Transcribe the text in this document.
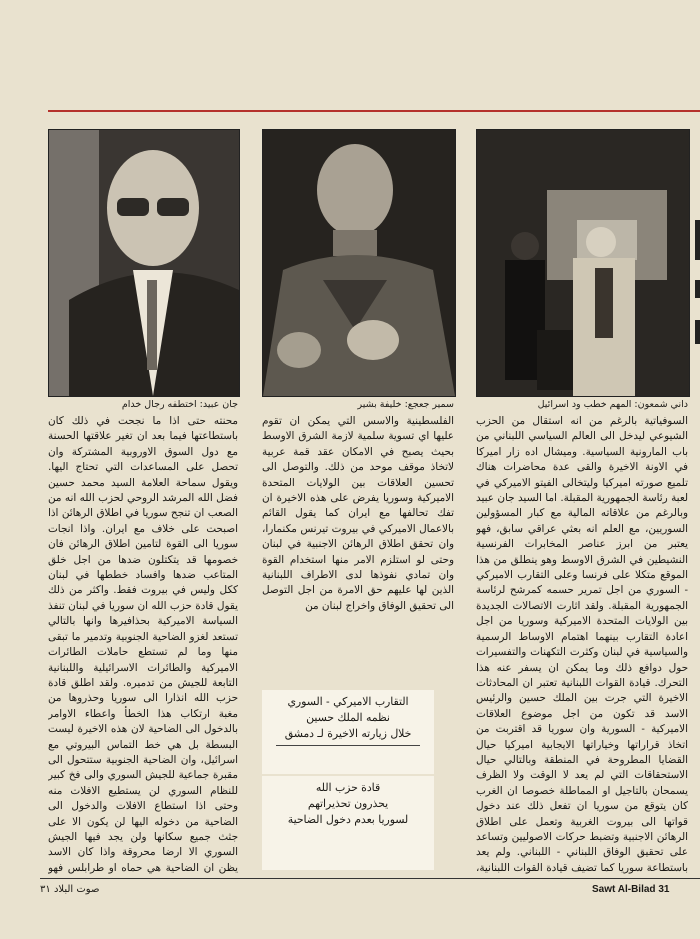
داني شمعون: المهم خطب ود اسرائيل
سمير جعجع: خليفة بشير
جان عبيد: اختطفه رجال خدام

السوفياتية بالرغم من انه استقال من الحزب الشيوعي ليدخل الى العالم السياسي اللبناني من باب المارونية السياسية. وميشال اده زار اميركا في الاونة الاخيرة والقى عدة محاضرات هناك تلميع صورته اميركيا وليتخالى الفيتو الاميركي في لعبة رئاسة الجمهورية المقبلة. اما السيد جان عبيد وبالرغم من علاقاته المالية مع كبار المسؤولين السوريين، مع العلم انه بعثي عراقي سابق، فهو يعتبر من ابرز عناصر المخابرات الفرنسية النشيطين في الشرق الاوسط وهو ينطلق من هذا الموقع متكلا على فرنسا وعلى التقارب الاميركي - السوري من اجل تمرير حسمه كمرشح لرئاسة الجمهورية المقبلة. ولقد اثارت الاتصالات الجديدة بين الولايات المتحدة الاميركية وسوريا من اجل اعادة التقارب بينهما اهتمام الاوساط الرسمية والسياسية في لبنان وكثرت التكهنات والتفسيرات حول دوافع ذلك وما يمكن ان يسفر عنه هذا التحرك. قيادة القوات اللبنانية تعتبر ان المحادثات الاخيرة التي جرت بين الملك حسين والرئيس الاسد قد تكون من اجل موضوع العلاقات الاميركية - السورية وان سوريا قد اقتربت من اتخاذ قراراتها وخياراتها الايجابية اميركيا حيال القضايا المطروحة في المنطقة وبالتالي حيال الاستحقاقات التي لم يعد لا الوقت ولا الظرف يسمحان بالتاجيل او المماطلة خصوصا ان الغرب كان يتوقع من سوريا ان تفعل ذلك عند دخول قواتها الى بيروت الغربية وتعمل على اطلاق الرهائن الاجنبية وتضبط حركات الاصوليين وتساعد على تحقيق الوفاق اللبناني - اللبناني. ولم يعد باستطاعة سوريا كما تضيف قيادة القوات اللبنانية،

الفلسطينية والاسس التي يمكن ان تقوم عليها اي تسوية سلمية لازمة الشرق الاوسط بحيث يصبح في الامكان عقد قمة عربية لاتخاذ موقف موحد من ذلك. والتوصل الى تحسين العلاقات بين الولايات المتحدة الاميركية وسوريا يفرض على هذه الاخيرة ان تفك تحالفها مع ايران كما يقول القائم بالاعمال الاميركي في بيروت تيرنس مكنمارا، وان تحقق اطلاق الرهائن الاجنبية في لبنان وحتى لو استلزم الامر منها استخدام القوة وان تمادي نفوذها لدى الاطراف اللبنانية الذين لها عليهم حق الامرة من اجل التوصل الى تحقيق الوفاق واخراج لبنان من

محنته حتى اذا ما نجحت في ذلك كان باستطاعتها فيما بعد ان تغير علاقتها الحسنة مع دول السوق الاوروبية المشتركة وان تحصل على المساعدات التي تحتاج اليها. ويقول سماحة العلامة السيد محمد حسين فضل الله المرشد الروحي لحزب الله انه من الصعب ان تنجح سوريا في اطلاق الرهائن اذا اصبحت على خلاف مع ايران. واذا انجات سوريا الى القوة لتامين اطلاق الرهائن فان خصومها قد يتكتلون ضدها من اجل خلق المتاعب ضدها وافساد خططها في لبنان ككل وليس في بيروت فقط. واكثر من ذلك يقول قادة حزب الله ان سوريا في لبنان تنفذ السياسة الاميركية بحذافيرها وانها بالتالي تستعد لغزو الضاحية الجنوبية وتدمير ما تبقى منها وما لم تستطع حاملات الطائرات الاميركية والطائرات الاسرائيلية واللبنانية التابعة للجيش من تدميره. ولقد اطلق قادة حزب الله انذارا الى سوريا وحذروها من مغبة ارتكاب هذا الخطأ واعطاء الاوامر بالدخول الى الضاحية لان هذه الاخيرة ليست البسطة بل هي خط التماس البيروتي مع اسرائيل، وان الضاحية الجنوبية ستتحول الى مقبرة جماعية للجيش السوري والى فخ كبير للنظام السوري لن يستطيع الافلات منه وحتى اذا استطاع الافلات والدخول الى الضاحية من دخوله اليها لن يكون الا على جثث جميع سكانها ولن يجد فيها الجيش السوري الا ارضا محروقة واذا كان الاسد يظن ان الضاحية هي حماه او طرابلس فهو

التقارب الاميركي - السوري
نظمه الملك حسين
خلال زيارته الاخيرة لـ دمشق
قادة حزب الله
يحذرون تحذيراتهم
لسوريا بعدم دخول الضاحية
صوت البلاد ٣١	Sawt Al-Bilad 31
